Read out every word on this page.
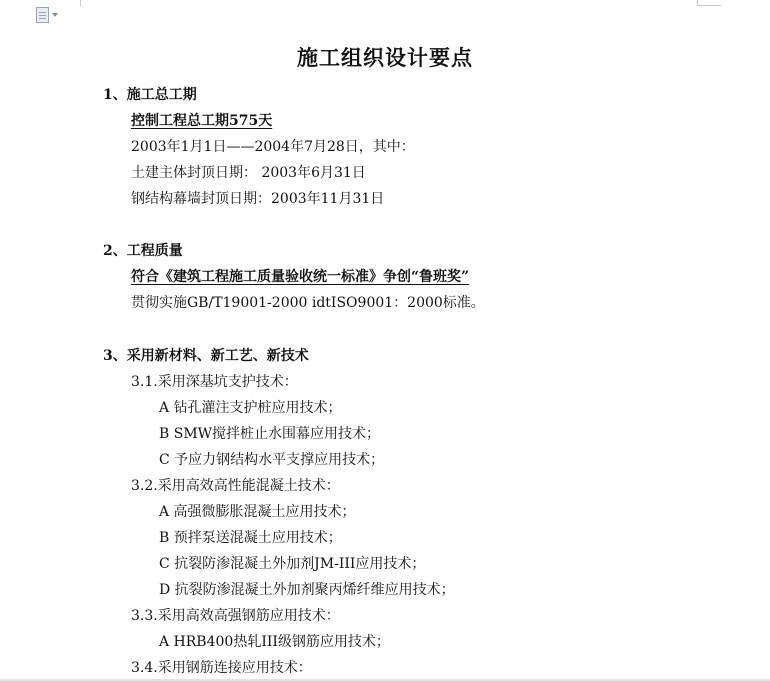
施工组织设计要点
1、施工总工期
控制工程总工期575天
2003年1月1日——2004年7月28日，其中：
土建主体封顶日期： 2003年6月31日
钢结构幕墙封顶日期：2003年11月31日
2、工程质量
符合《建筑工程施工质量验收统一标准》争创“鲁班奖”
贯彻实施GB/T19001-2000 idtISO9001：2000标准。
3、采用新材料、新工艺、新技术
3.1.采用深基坑支护技术：
A 钻孔灌注支护桩应用技术；
B SMW搅拌桩止水围幕应用技术；
C 予应力钢结构水平支撑应用技术；
3.2.采用高效高性能混凝土技术：
A 高强微膨胀混凝土应用技术；
B 预拌泵送混凝土应用技术；
C 抗裂防渗混凝土外加剂JM-III应用技术；
D 抗裂防渗混凝土外加剂聚丙烯纤维应用技术；
3.3.采用高效高强钢筋应用技术：
A HRB400热轧III级钢筋应用技术；
3.4.采用钢筋连接应用技术：
